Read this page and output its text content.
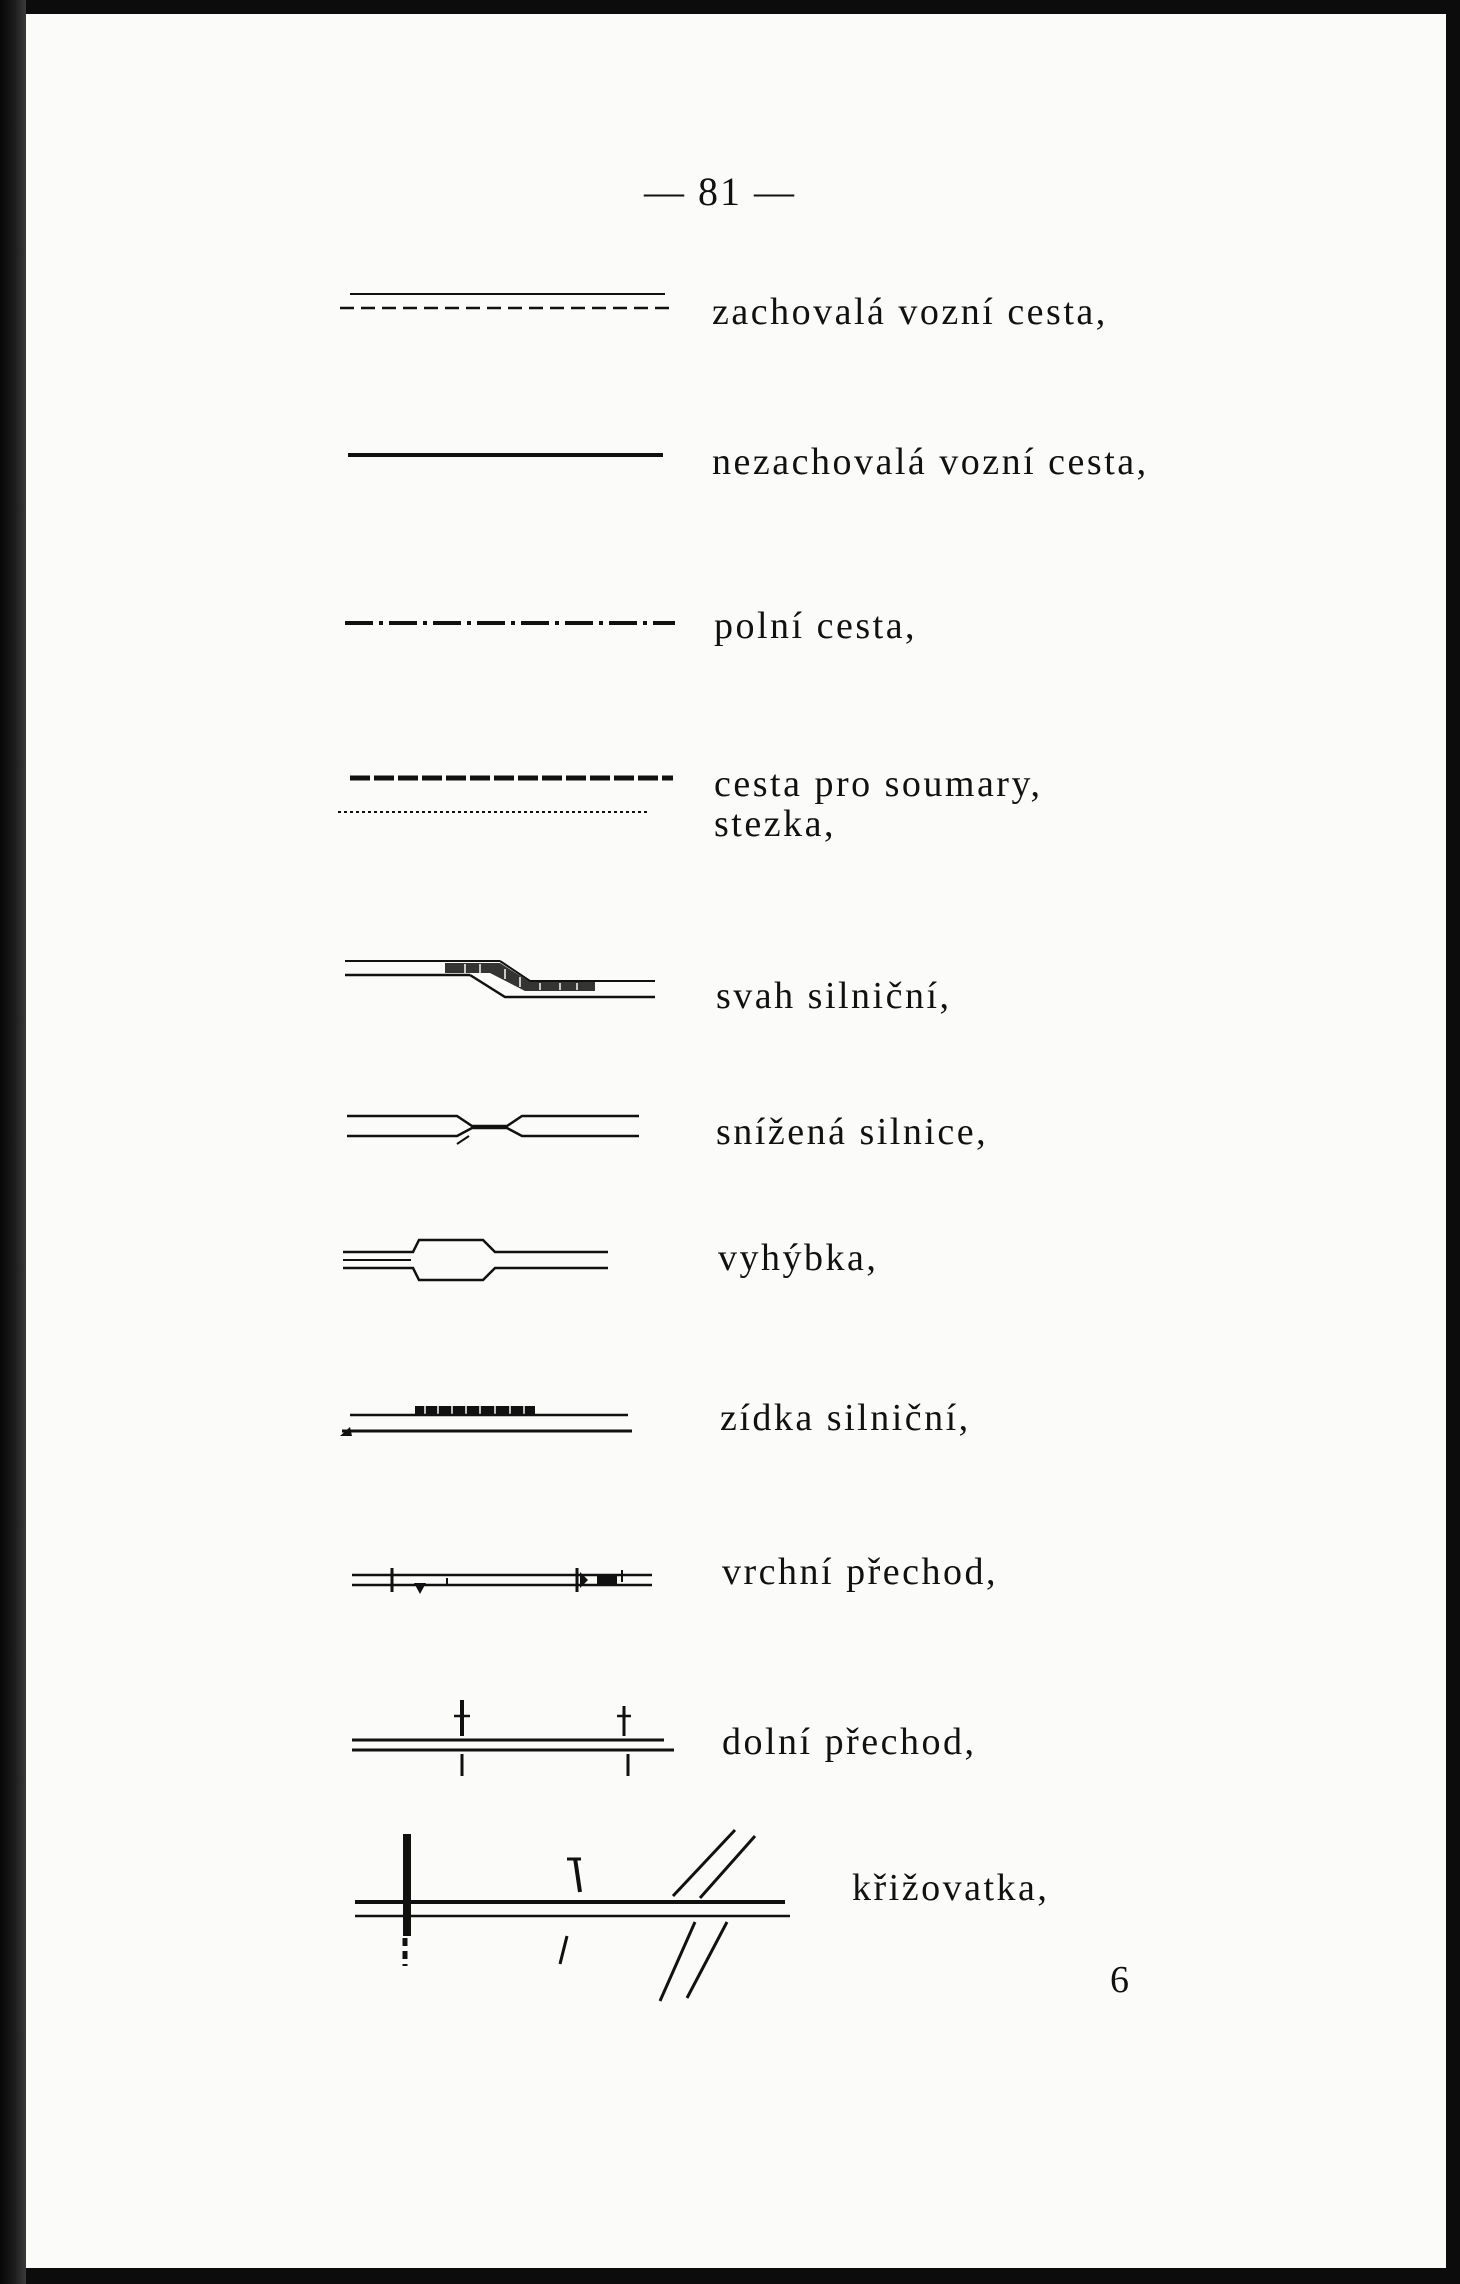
— 81 —
zachovalá vozní cesta,
nezachovalá vozní cesta,
polní cesta,
cesta pro soumary,
stezka,
svah silniční,
snížená silnice,
vyhýbka,
zídka silniční,
vrchní přechod,
dolní přechod,
křižovatka,
6
